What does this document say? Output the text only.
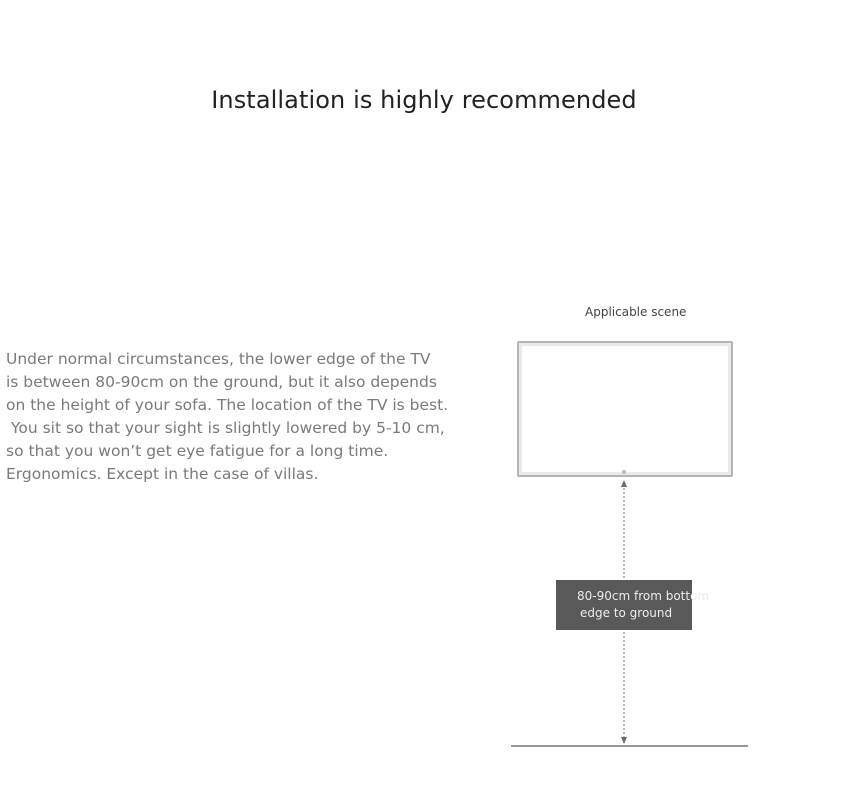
Installation is highly recommended
Under normal circumstances, the lower edge of the TV
is between 80-90cm on the ground, but it also depends
on the height of your sofa. The location of the TV is best.
You sit so that your sight is slightly lowered by 5-10 cm,
so that you won’t get eye fatigue for a long time.
Ergonomics. Except in the case of villas.
Applicable scene
80-90cm from bottom
edge to ground
